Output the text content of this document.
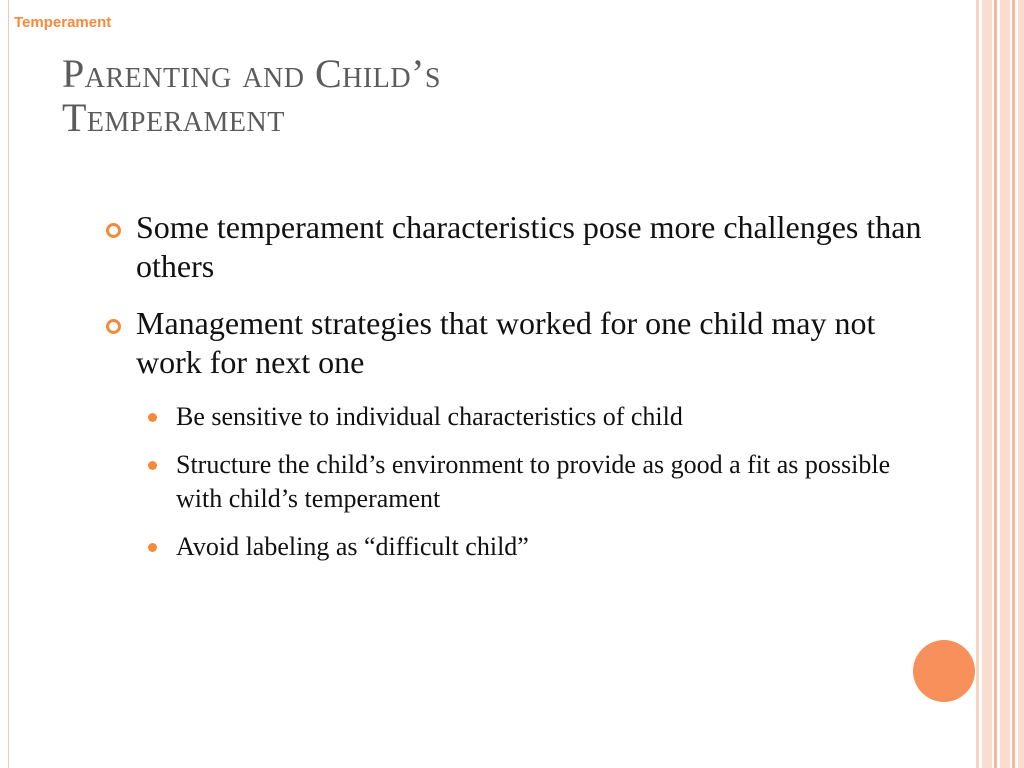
Temperament
Parenting and Child’s
Temperament
Some temperament characteristics pose more challenges than others
Management strategies that worked for one child may not work for next one
Be sensitive to individual characteristics of child
Structure the child’s environment to provide as good a fit as possible with child’s temperament
Avoid labeling as “difficult child”
